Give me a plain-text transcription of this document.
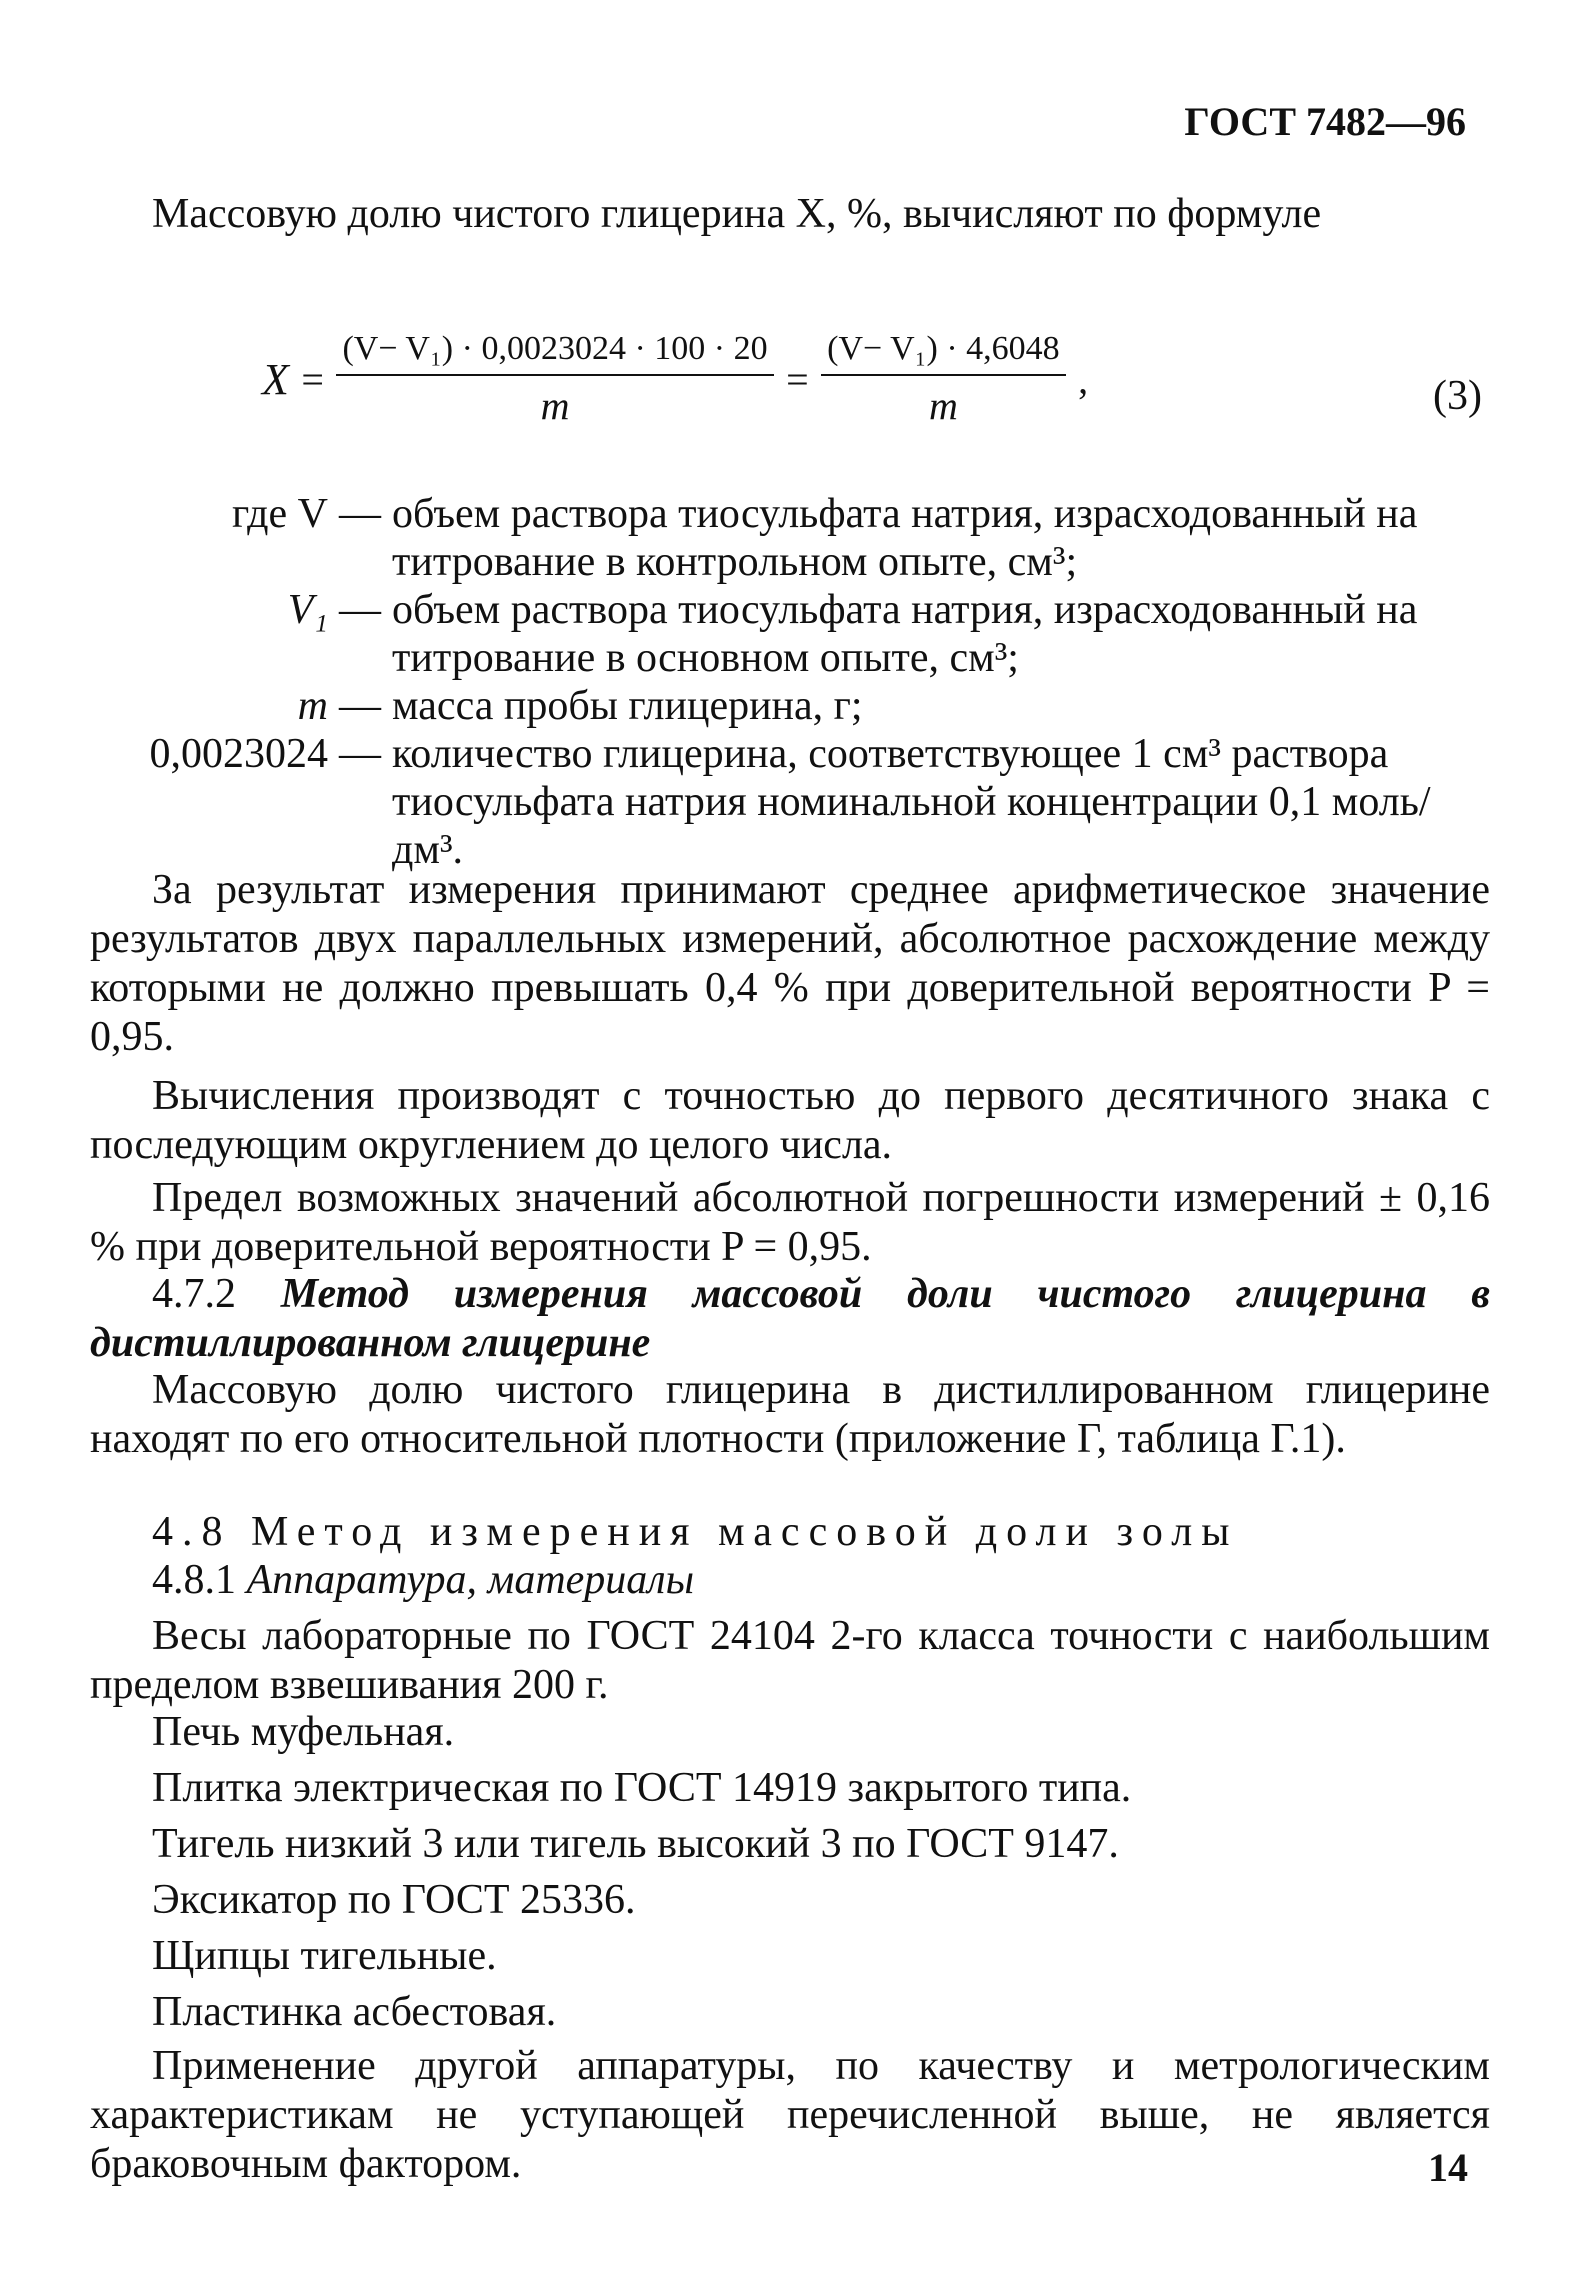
ГОСТ 7482—96
Массовую долю чистого глицерина X, %, вычисляют по формуле
$X = \frac{\text{(V− V₁) · 0,0023024 · 100 · 20}}{m} = \frac{\text{(V− V₁) · 4,6048}}{m}$ ,	(3)
где V — объем раствора тиосульфата натрия, израсходованный на титрование в контрольном опыте, см³;
V₁ — объем раствора тиосульфата натрия, израсходованный на титрование в основном опыте, см³;
m — масса пробы глицерина, г;
0,0023024 — количество глицерина, соответствующее 1 см³ раствора тиосульфата натрия номинальной концентрации 0,1 моль/дм³.
За результат измерения принимают среднее арифметическое значение результатов двух параллельных измерений, абсолютное расхождение между которыми не должно превышать 0,4 % при доверительной вероятности P = 0,95.
Вычисления производят с точностью до первого десятичного знака с последующим округлением до целого числа.
Предел возможных значений абсолютной погрешности измерений ± 0,16 % при доверительной вероятности P = 0,95.
4.7.2 Метод измерения массовой доли чистого глицерина в дистиллированном глицерине
Массовую долю чистого глицерина в дистиллированном глицерине находят по его относительной плотности (приложение Г, таблица Г.1).
4.8 Метод измерения массовой доли золы
4.8.1 Аппаратура, материалы
Весы лабораторные по ГОСТ 24104 2-го класса точности с наибольшим пределом взвешивания 200 г.
Печь муфельная.
Плитка электрическая по ГОСТ 14919 закрытого типа.
Тигель низкий 3 или тигель высокий 3 по ГОСТ 9147.
Эксикатор по ГОСТ 25336.
Щипцы тигельные.
Пластинка асбестовая.
Применение другой аппаратуры, по качеству и метрологическим характеристикам не уступающей перечисленной выше, не является браковочным фактором.	14
